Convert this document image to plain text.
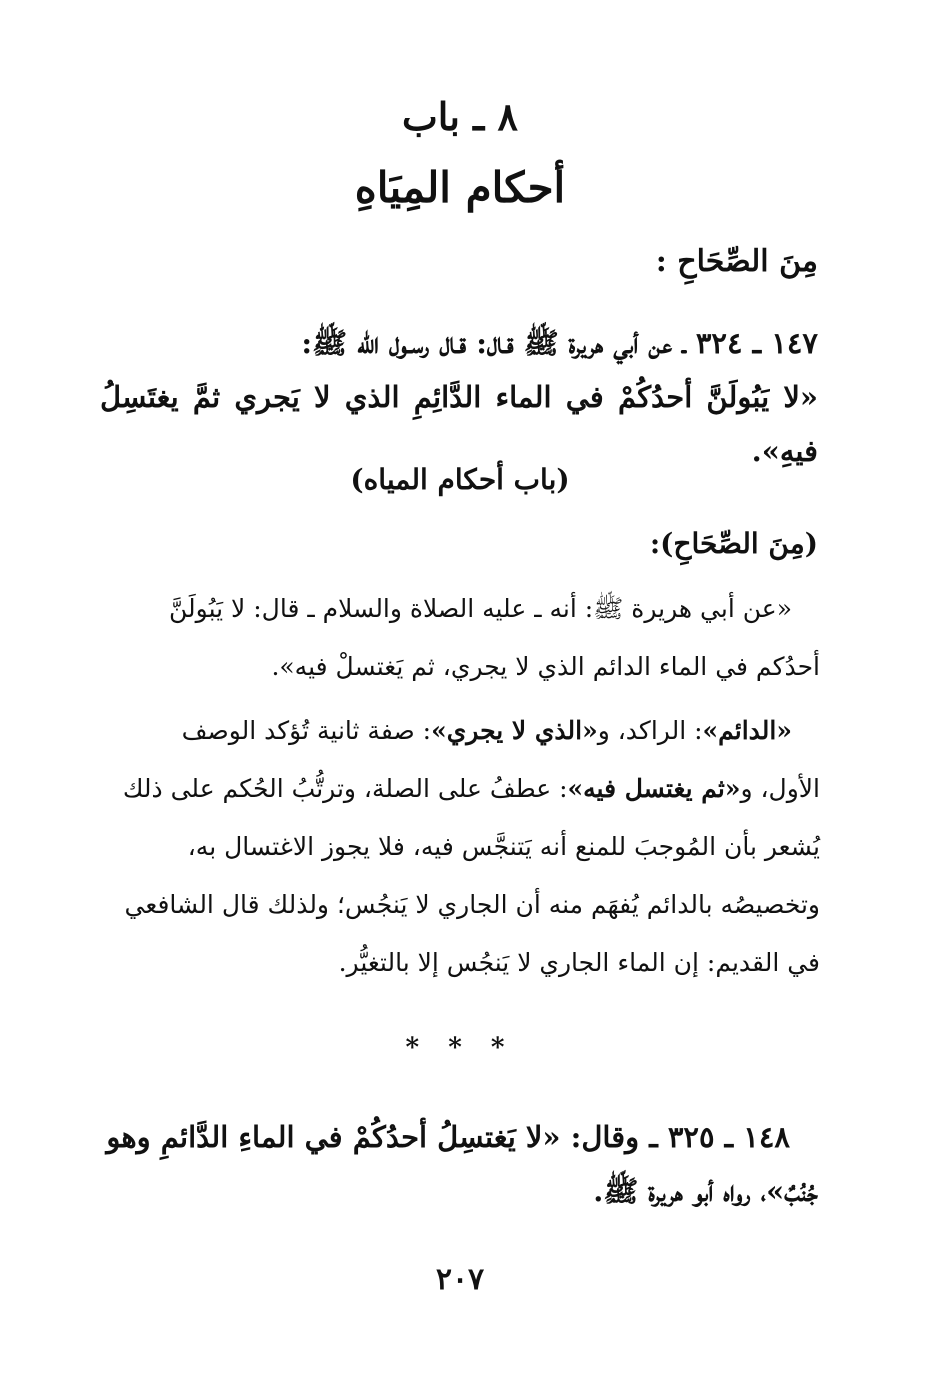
٨ ـ باب
أحكام المِيَاهِ
مِنَ الصِّحَاحِ :

١٤٧ ـ ٣٢٤ ـ عن أبي هريرة ﷺ قـال: قـال رسـول الله ﷺ:

«لا يَبُولَنَّ أحدُكُمْ في الماء الدَّائِمِ الذي لا يَجري ثمَّ يغتَسِلُ فيهِ».

(باب أحكام المياه)
(مِنَ الصِّحَاحِ):

«عن أبي هريرة ﷺ: أنه ـ عليه الصلاة والسلام ـ قال: لا يَبُولَنَّ

أحدُكم في الماء الدائم الذي لا يجري، ثم يَغتسلْ فيه».

«الدائم»: الراكد، و«الذي لا يجري»: صفة ثانية تُؤكد الوصف

الأول، و«ثم يغتسل فيه»: عطفُ على الصلة، وترتُّبُ الحُكم على ذلك

يُشعر بأن المُوجبَ للمنع أنه يَتنجَّس فيه، فلا يجوز الاغتسال به،

وتخصيصُه بالدائم يُفهَم منه أن الجاري لا يَنجُس؛ ولذلك قال الشافعي

في القديم: إن الماء الجاري لا يَنجُس إلا بالتغيُّر.

* * *

١٤٨ ـ ٣٢٥ ـ وقال: «لا يَغتسِلُ أحدُكُمْ في الماءِ الدَّائمِ وهو

جُنُبٌ»، رواه أبو هريرة ﷺ.

٢٠٧
